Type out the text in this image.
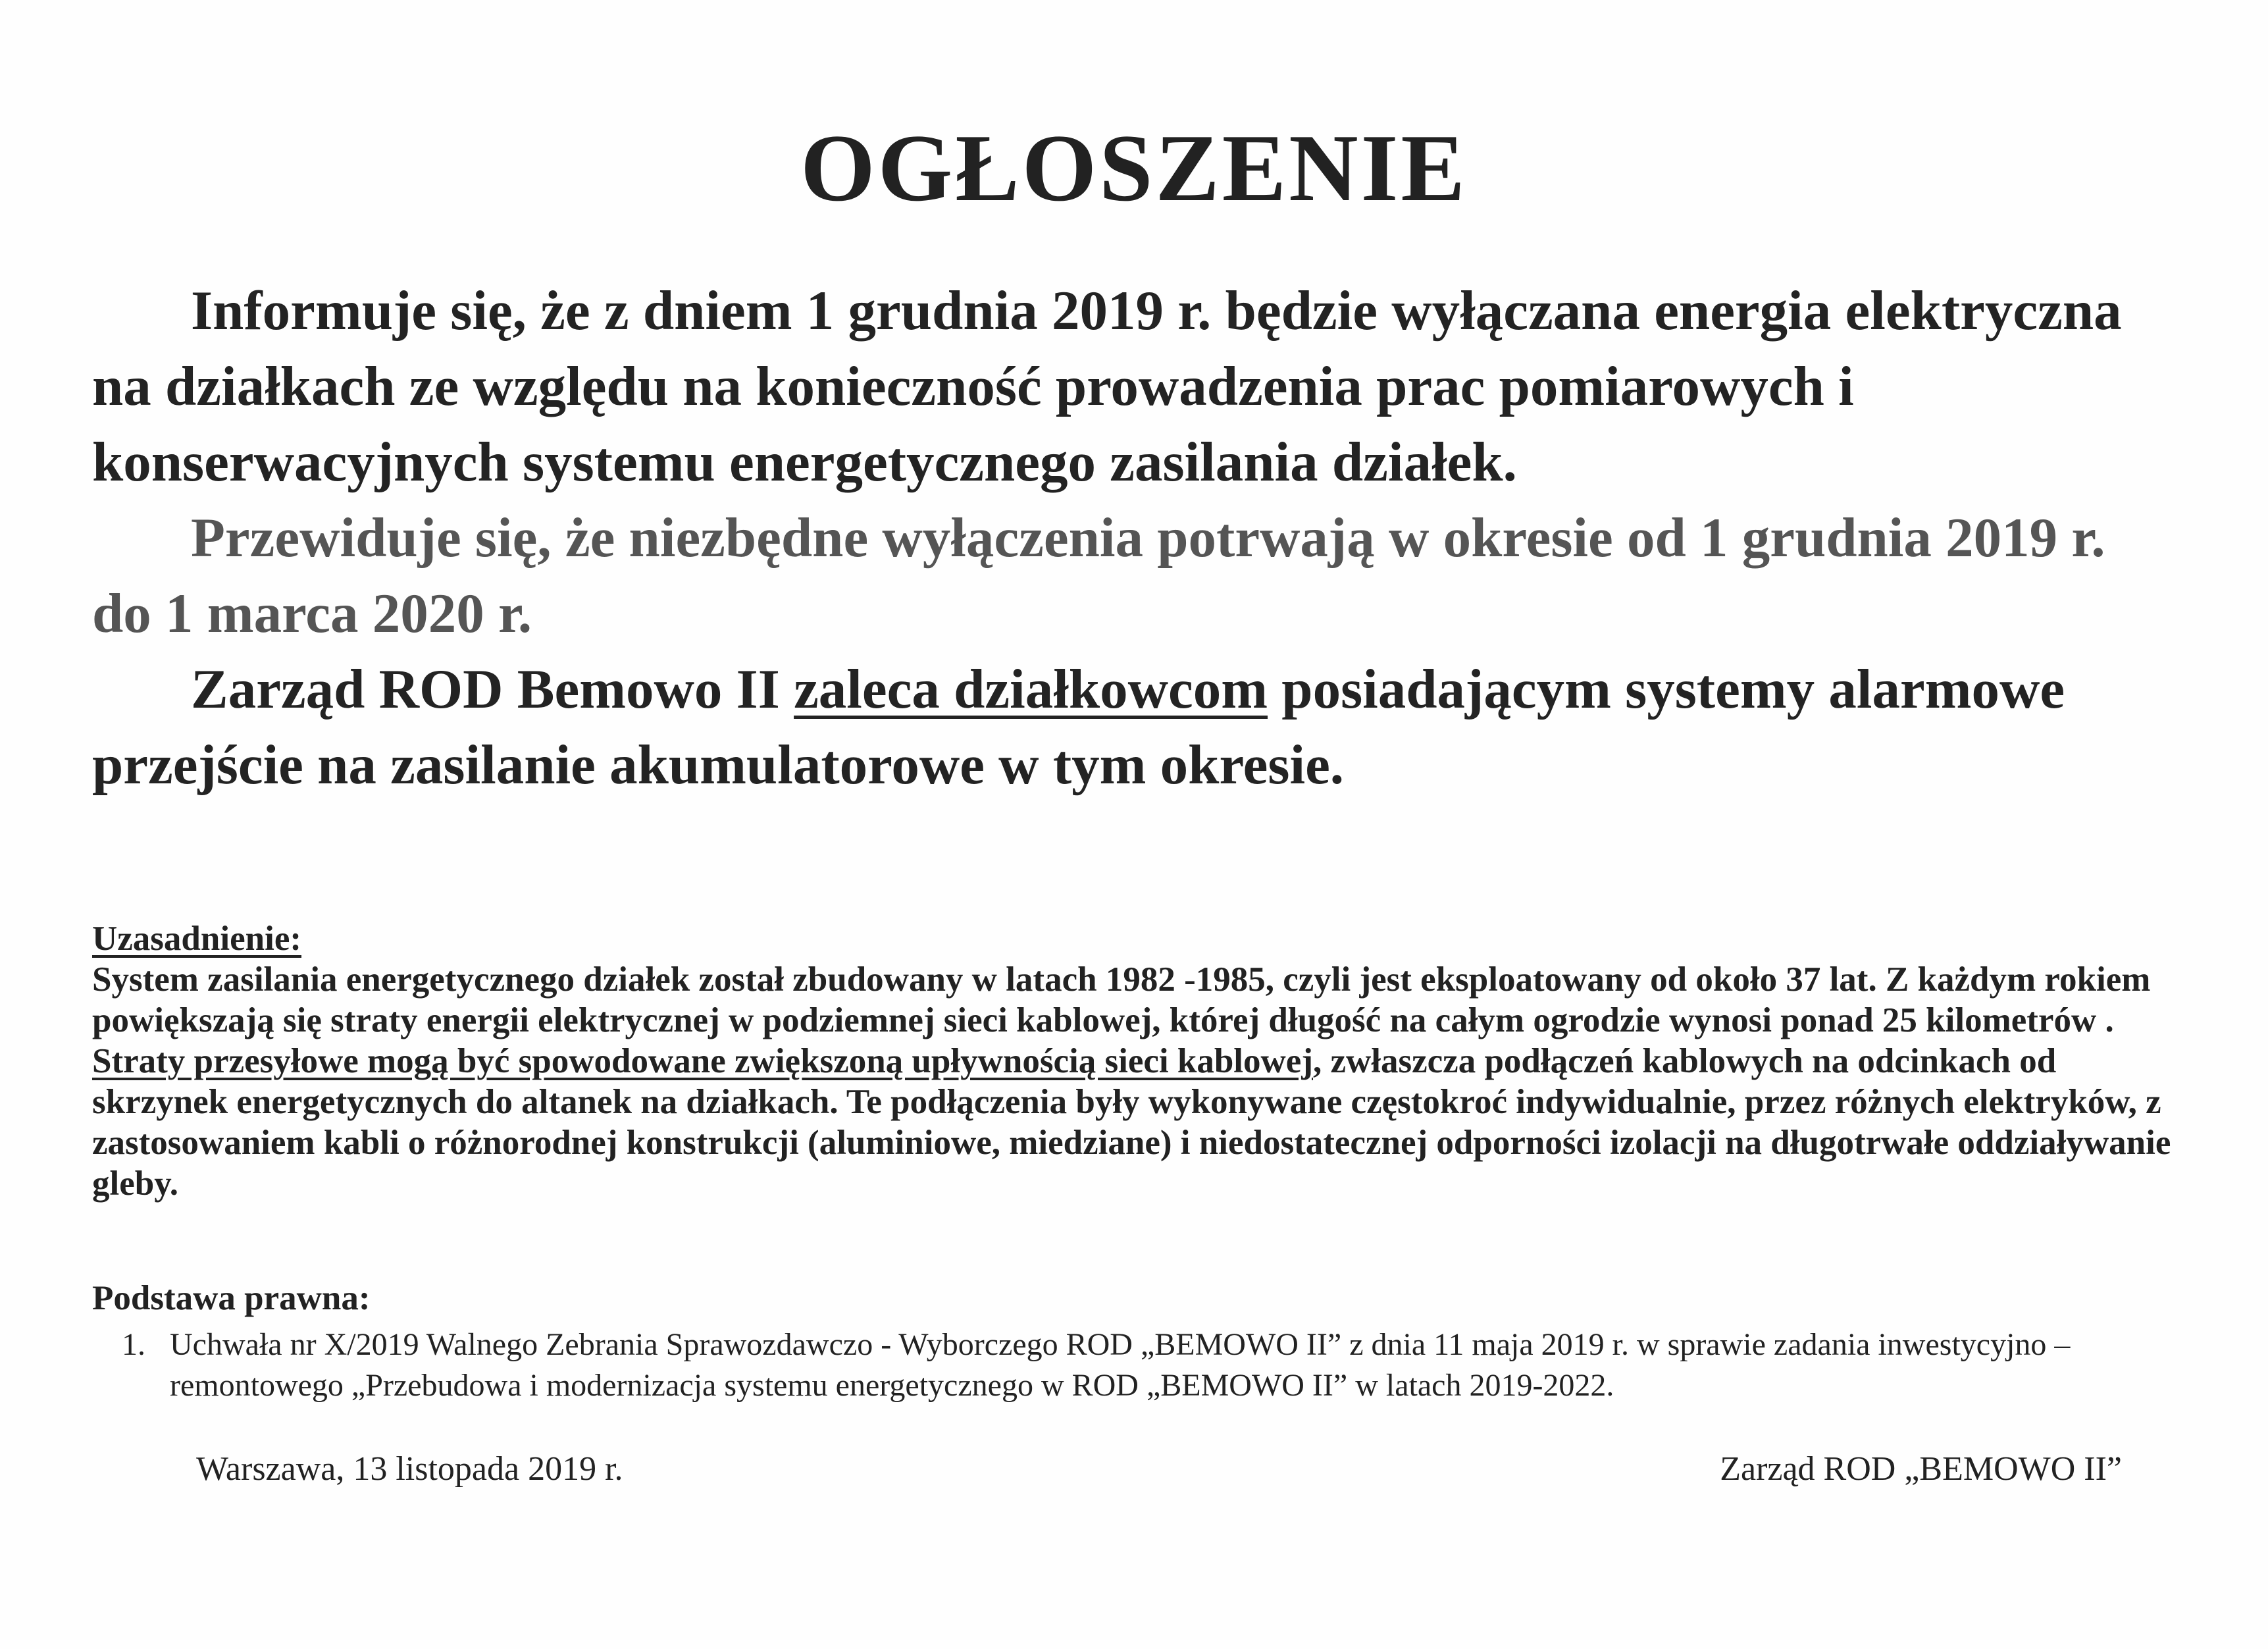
OGŁOSZENIE

Informuje się, że z dniem 1 grudnia 2019 r. będzie wyłączana energia elektryczna na działkach ze względu na konieczność prowadzenia prac pomiarowych i konserwacyjnych systemu energetycznego zasilania działek.

Przewiduje się, że niezbędne wyłączenia potrwają w okresie od 1 grudnia 2019 r. do 1 marca 2020 r.

Zarząd ROD Bemowo II zaleca działkowcom posiadającym systemy alarmowe przejście na zasilanie akumulatorowe w tym okresie.

Uzasadnienie:
System zasilania energetycznego działek został zbudowany w latach 1982 -1985, czyli jest eksploatowany od około 37 lat. Z każdym rokiem powiększają się straty energii elektrycznej w podziemnej sieci kablowej, której długość na całym ogrodzie wynosi ponad 25 kilometrów . Straty przesyłowe mogą być spowodowane zwiększoną upływnością sieci kablowej, zwłaszcza podłączeń kablowych na odcinkach od skrzynek energetycznych do altanek na działkach. Te podłączenia były wykonywane częstokroć indywidualnie, przez różnych elektryków, z zastosowaniem kabli o różnorodnej konstrukcji (aluminiowe, miedziane) i niedostatecznej odporności izolacji na długotrwałe oddziaływanie gleby.
Podstawa prawna:
1. Uchwała nr X/2019 Walnego Zebrania Sprawozdawczo - Wyborczego ROD „BEMOWO II” z dnia 11 maja 2019 r. w sprawie zadania inwestycyjno – remontowego „Przebudowa i modernizacja systemu energetycznego w ROD „BEMOWO II” w latach 2019-2022.
Warszawa, 13 listopada 2019 r.	Zarząd ROD „BEMOWO II”
